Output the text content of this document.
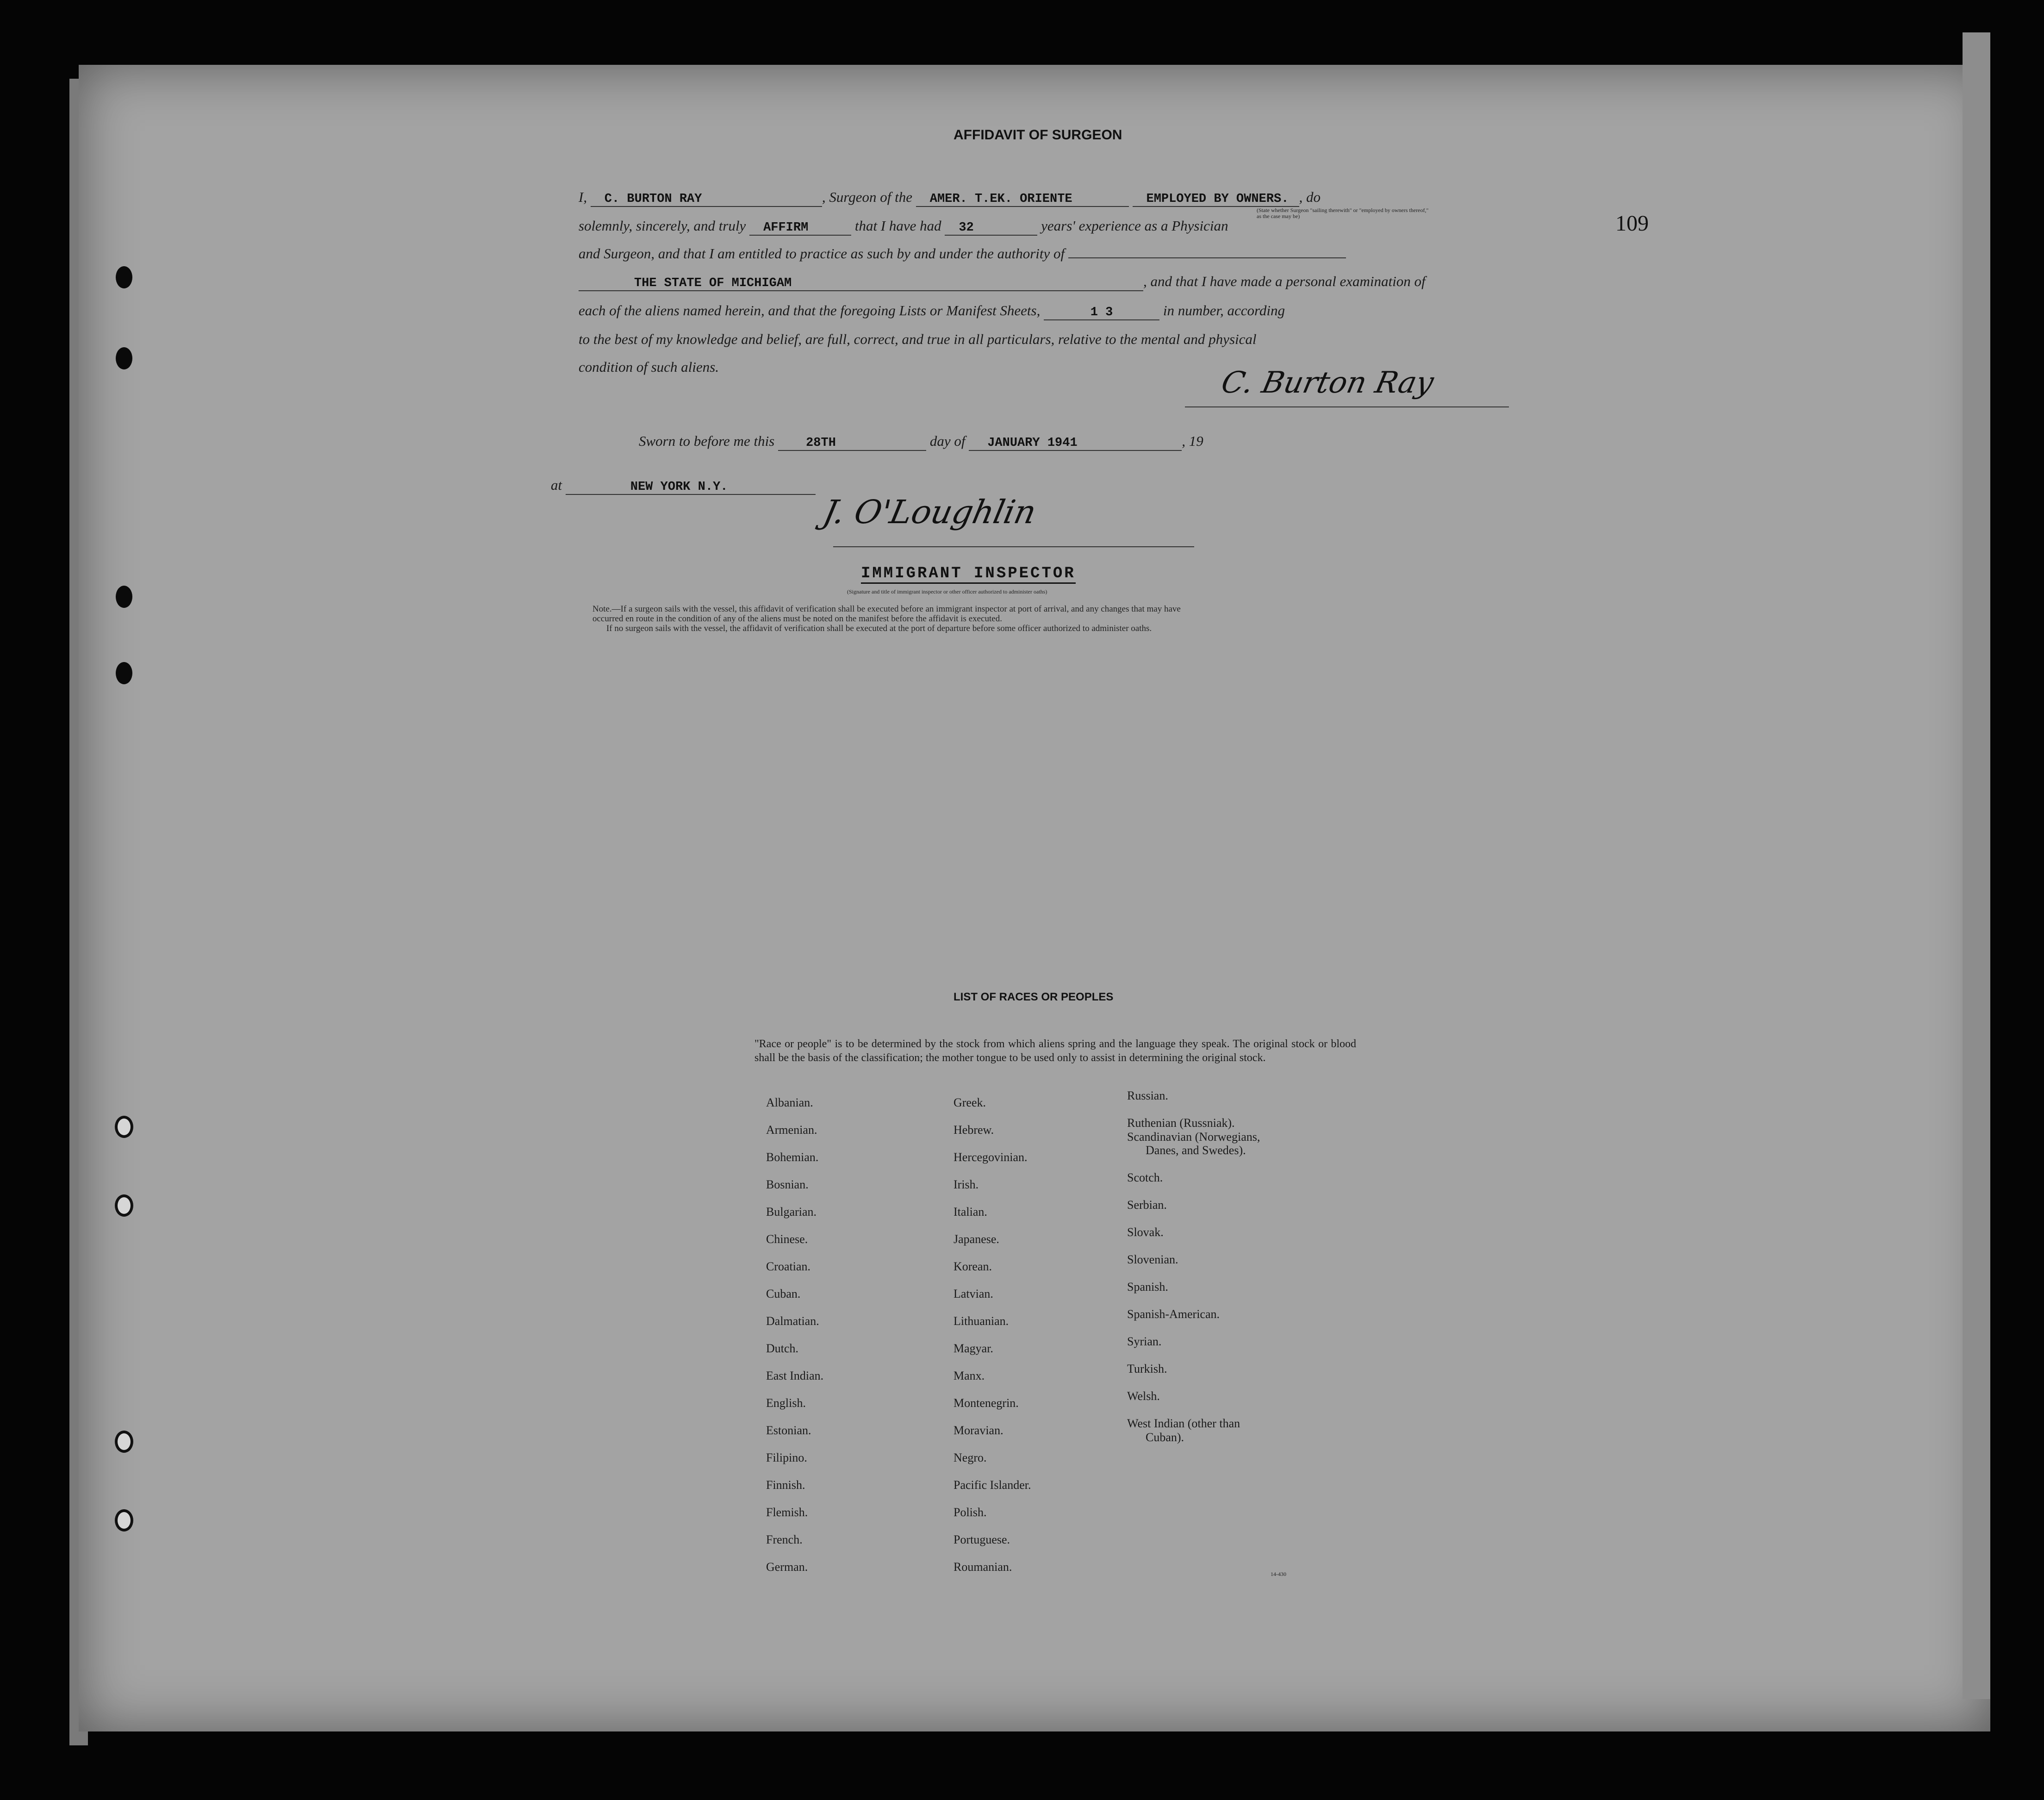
AFFIDAVIT OF SURGEON
109
I, C. BURTON RAY	, Surgeon of the AMER. T.EK. ORIENTE	EMPLOYED BY OWNERS. , do
(State whether Surgeon "sailing therewith" or "employed by owners thereof," as the case may be)
solemnly, sincerely, and truly AFFIRM	that I have had 32	years' experience as a Physician
and Surgeon, and that I am entitled to practice as such by and under the authority of
THE STATE OF MICHIGAM	, and that I have made a personal examination of
each of the aliens named herein, and that the foregoing Lists or Manifest Sheets,	1 3	in number, according
to the best of my knowledge and belief, are full, correct, and true in all particulars, relative to the mental and physical
condition of such aliens.	C. Burton Ray
Sworn to before me this	28TH	day of JANUARY 1941	, 19
at	NEW YORK N.Y.
J. O'Loughlin
IMMIGRANT INSPECTOR
(Signature and title of immigrant inspector or other officer authorized to administer oaths)
Note.—If a surgeon sails with the vessel, this affidavit of verification shall be executed before an immigrant inspector at port of arrival, and any changes that may have
occurred en route in the condition of any of the aliens must be noted on the manifest before the affidavit is executed.
If no surgeon sails with the vessel, the affidavit of verification shall be executed at the port of departure before some officer authorized to administer oaths.
LIST OF RACES OR PEOPLES
"Race or people" is to be determined by the stock from which aliens spring and the language they speak. The original stock or blood shall be the basis of the classification; the mother tongue to be used only to assist in determining the original stock.
Albanian.
Armenian.
Bohemian.
Bosnian.
Bulgarian.
Chinese.
Croatian.
Cuban.
Dalmatian.
Dutch.
East Indian.
English.
Estonian.
Filipino.
Finnish.
Flemish.
French.
German.
Greek.
Hebrew.
Hercegovinian.
Irish.
Italian.
Japanese.
Korean.
Latvian.
Lithuanian.
Magyar.
Manx.
Montenegrin.
Moravian.
Negro.
Pacific Islander.
Polish.
Portuguese.
Roumanian.
Russian.
Ruthenian (Russniak).
Scandinavian (Norwegians,
Danes, and Swedes).
Scotch.
Serbian.
Slovak.
Slovenian.
Spanish.
Spanish-American.
Syrian.
Turkish.
Welsh.
West Indian (other than
Cuban).
14-430
